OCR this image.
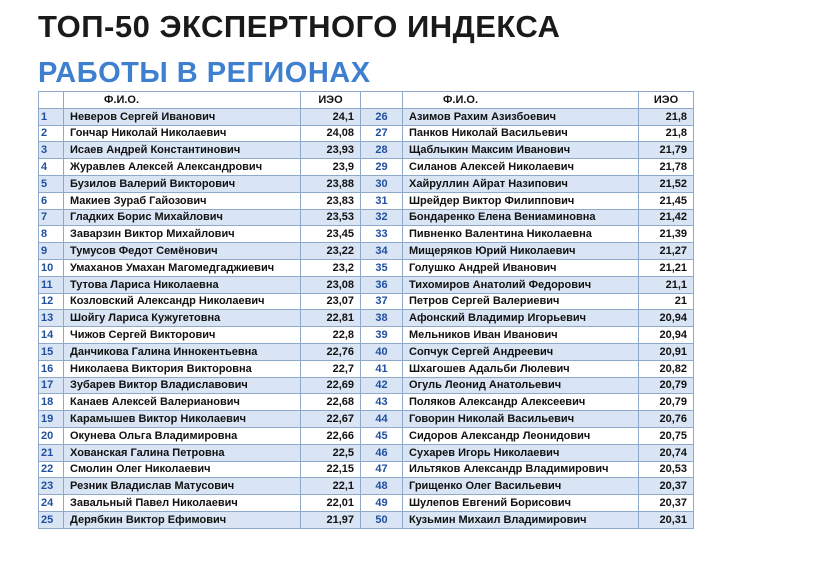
ТОП-50 ЭКСПЕРТНОГО ИНДЕКСА
РАБОТЫ В РЕГИОНАХ
	Ф.И.О.	ИЭО		Ф.И.О.	ИЭО
1	Неверов Сергей Иванович	24,1	26	Азимов Рахим Азизбоевич	21,8
2	Гончар Николай Николаевич	24,08	27	Панков Николай Васильевич	21,8
3	Исаев Андрей Константинович	23,93	28	Щаблыкин Максим Иванович	21,79
4	Журавлев Алексей Александрович	23,9	29	Силанов Алексей Николаевич	21,78
5	Бузилов Валерий Викторович	23,88	30	Хайруллин Айрат Назипович	21,52
6	Макиев Зураб Гайозович	23,83	31	Шрейдер Виктор Филиппович	21,45
7	Гладких Борис Михайлович	23,53	32	Бондаренко Елена Вениаминовна	21,42
8	Заварзин Виктор Михайлович	23,45	33	Пивненко Валентина Николаевна	21,39
9	Тумусов Федот Семёнович	23,22	34	Мищеряков Юрий Николаевич	21,27
10	Умаханов Умахан Магомедгаджиевич	23,2	35	Голушко Андрей Иванович	21,21
11	Тутова Лариса Николаевна	23,08	36	Тихомиров Анатолий Федорович	21,1
12	Козловский Александр Николаевич	23,07	37	Петров Сергей Валериевич	21
13	Шойгу Лариса Кужугетовна	22,81	38	Афонский Владимир Игорьевич	20,94
14	Чижов Сергей Викторович	22,8	39	Мельников Иван Иванович	20,94
15	Данчикова Галина Иннокентьевна	22,76	40	Сопчук Сергей Андреевич	20,91
16	Николаева Виктория Викторовна	22,7	41	Шхагошев Адальби Люлевич	20,82
17	Зубарев Виктор Владиславович	22,69	42	Огуль Леонид Анатольевич	20,79
18	Канаев Алексей Валерианович	22,68	43	Поляков Александр Алексеевич	20,79
19	Карамышев Виктор Николаевич	22,67	44	Говорин Николай Васильевич	20,76
20	Окунева Ольга Владимировна	22,66	45	Сидоров Александр Леонидович	20,75
21	Хованская Галина Петровна	22,5	46	Сухарев Игорь Николаевич	20,74
22	Смолин Олег Николаевич	22,15	47	Ильтяков Александр Владимирович	20,53
23	Резник Владислав Матусович	22,1	48	Грищенко Олег Васильевич	20,37
24	Завальный Павел Николаевич	22,01	49	Шулепов Евгений Борисович	20,37
25	Дерябкин Виктор Ефимович	21,97	50	Кузьмин Михаил Владимирович	20,31
